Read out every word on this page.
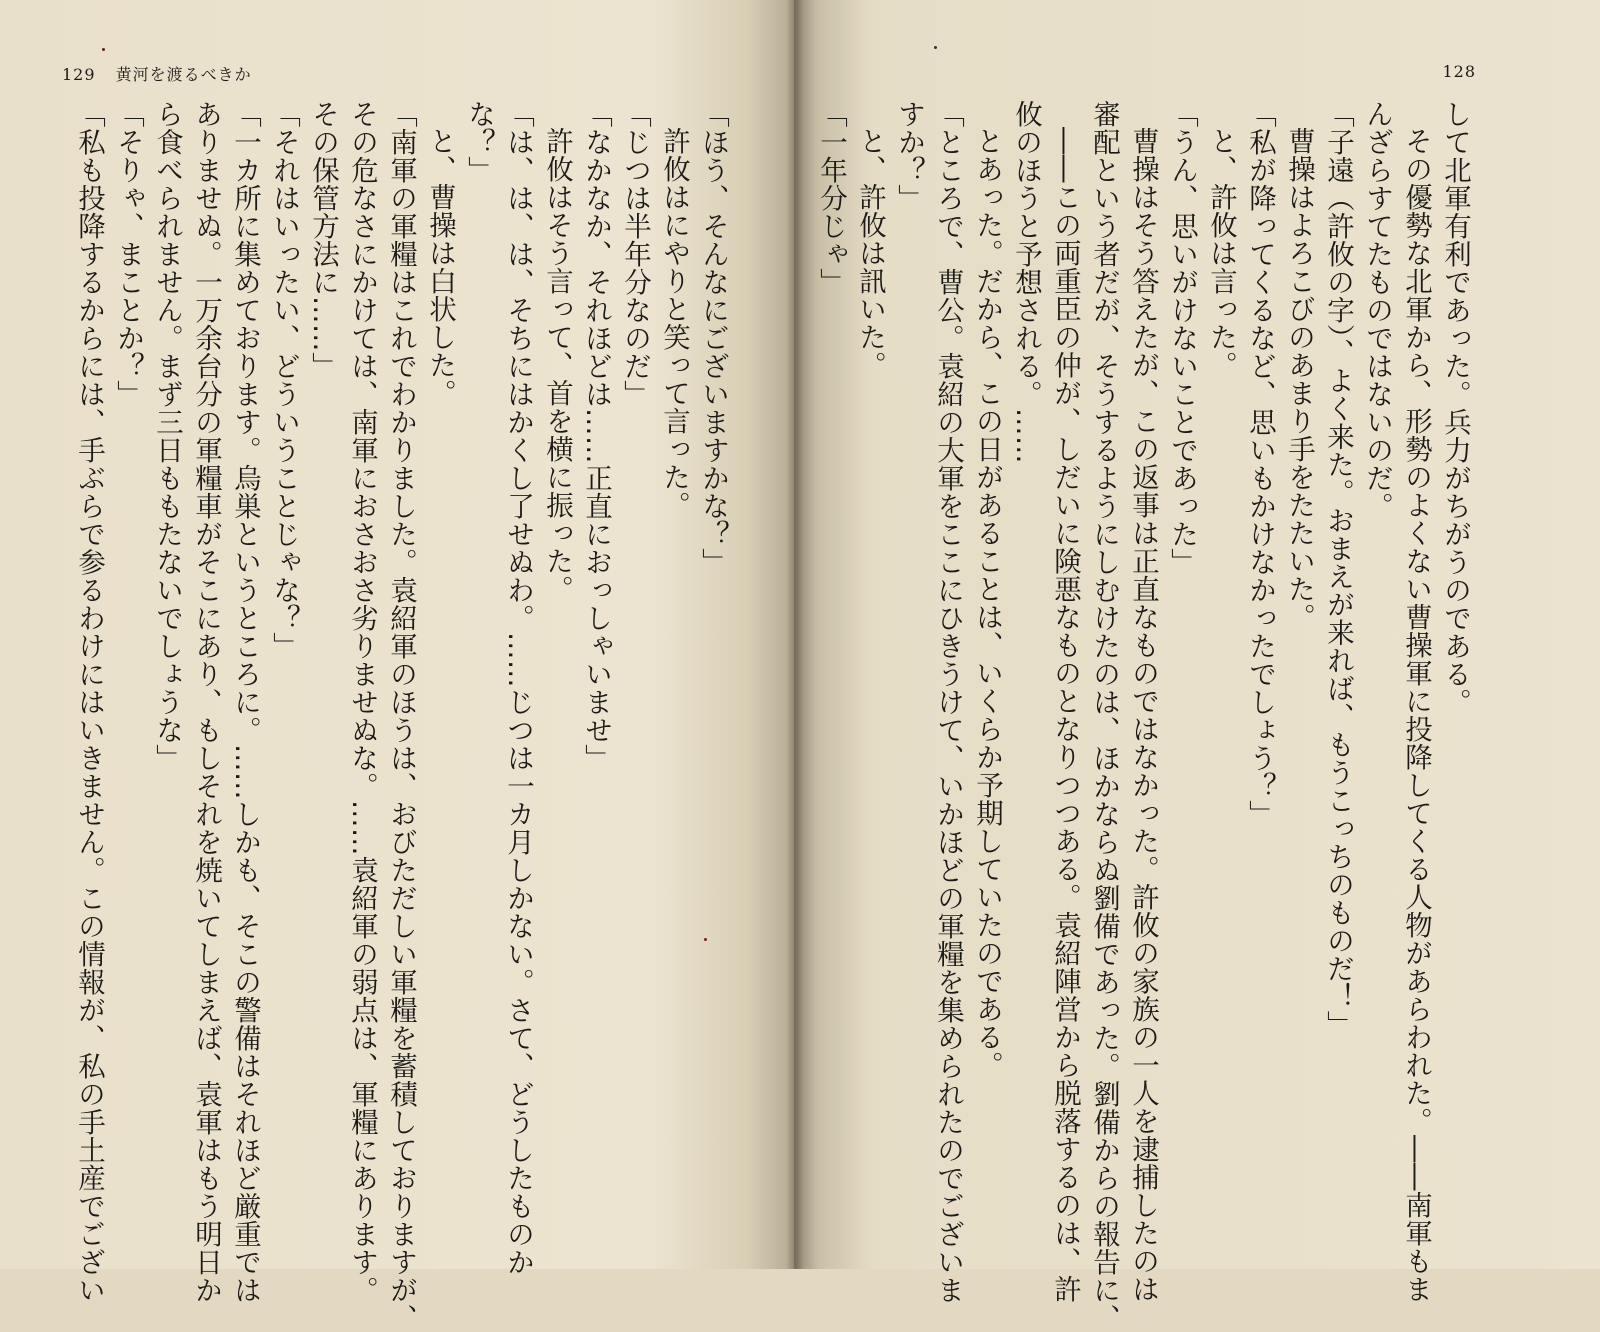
129 黄河を渡るべきか	128
して北軍有利であった。兵力がちがうのである。
その優勢な北軍から、形勢のよくない曹操軍に投降してくる人物があらわれた。――南軍もま
んざらすてたものではないのだ。
「子遠（許攸の字）、よく来た。おまえが来れば、もうこっちのものだ！」
曹操はよろこびのあまり手をたたいた。
「私が降ってくるなど、思いもかけなかったでしょう？」
と、許攸は言った。
「うん、思いがけないことであった」
曹操はそう答えたが、この返事は正直なものではなかった。許攸の家族の一人を逮捕したのは
審配という者だが、そうするようにしむけたのは、ほかならぬ劉備であった。劉備からの報告に、
――この両重臣の仲が、しだいに険悪なものとなりつつある。袁紹陣営から脱落するのは、許
攸のほうと予想される。……
とあった。だから、この日があることは、いくらか予期していたのである。
「ところで、曹公。袁紹の大軍をここにひきうけて、いかほどの軍糧を集められたのでございま
すか？」
と、許攸は訊いた。
「一年分じゃ」
「ほう、そんなにございますかな？」
許攸はにやりと笑って言った。
「じつは半年分なのだ」
「なかなか、それほどは……正直におっしゃいませ」
許攸はそう言って、首を横に振った。
「は、は、は、そちにはかくし了せぬわ。……じつは一カ月しかない。さて、どうしたものか
な？」
と、曹操は白状した。
「南軍の軍糧はこれでわかりました。袁紹軍のほうは、おびただしい軍糧を蓄積しておりますが、
その危なさにかけては、南軍におさおさ劣りませぬな。……袁紹軍の弱点は、軍糧にあります。
その保管方法に……」
「それはいったい、どういうことじゃな？」
「一カ所に集めております。烏巣というところに。……しかも、そこの警備はそれほど厳重では
ありませぬ。一万余台分の軍糧車がそこにあり、もしそれを焼いてしまえば、袁軍はもう明日か
ら食べられません。まず三日ももたないでしょうな」
「そりゃ、まことか？」
「私も投降するからには、手ぶらで参るわけにはいきません。この情報が、私の手土産でござい
